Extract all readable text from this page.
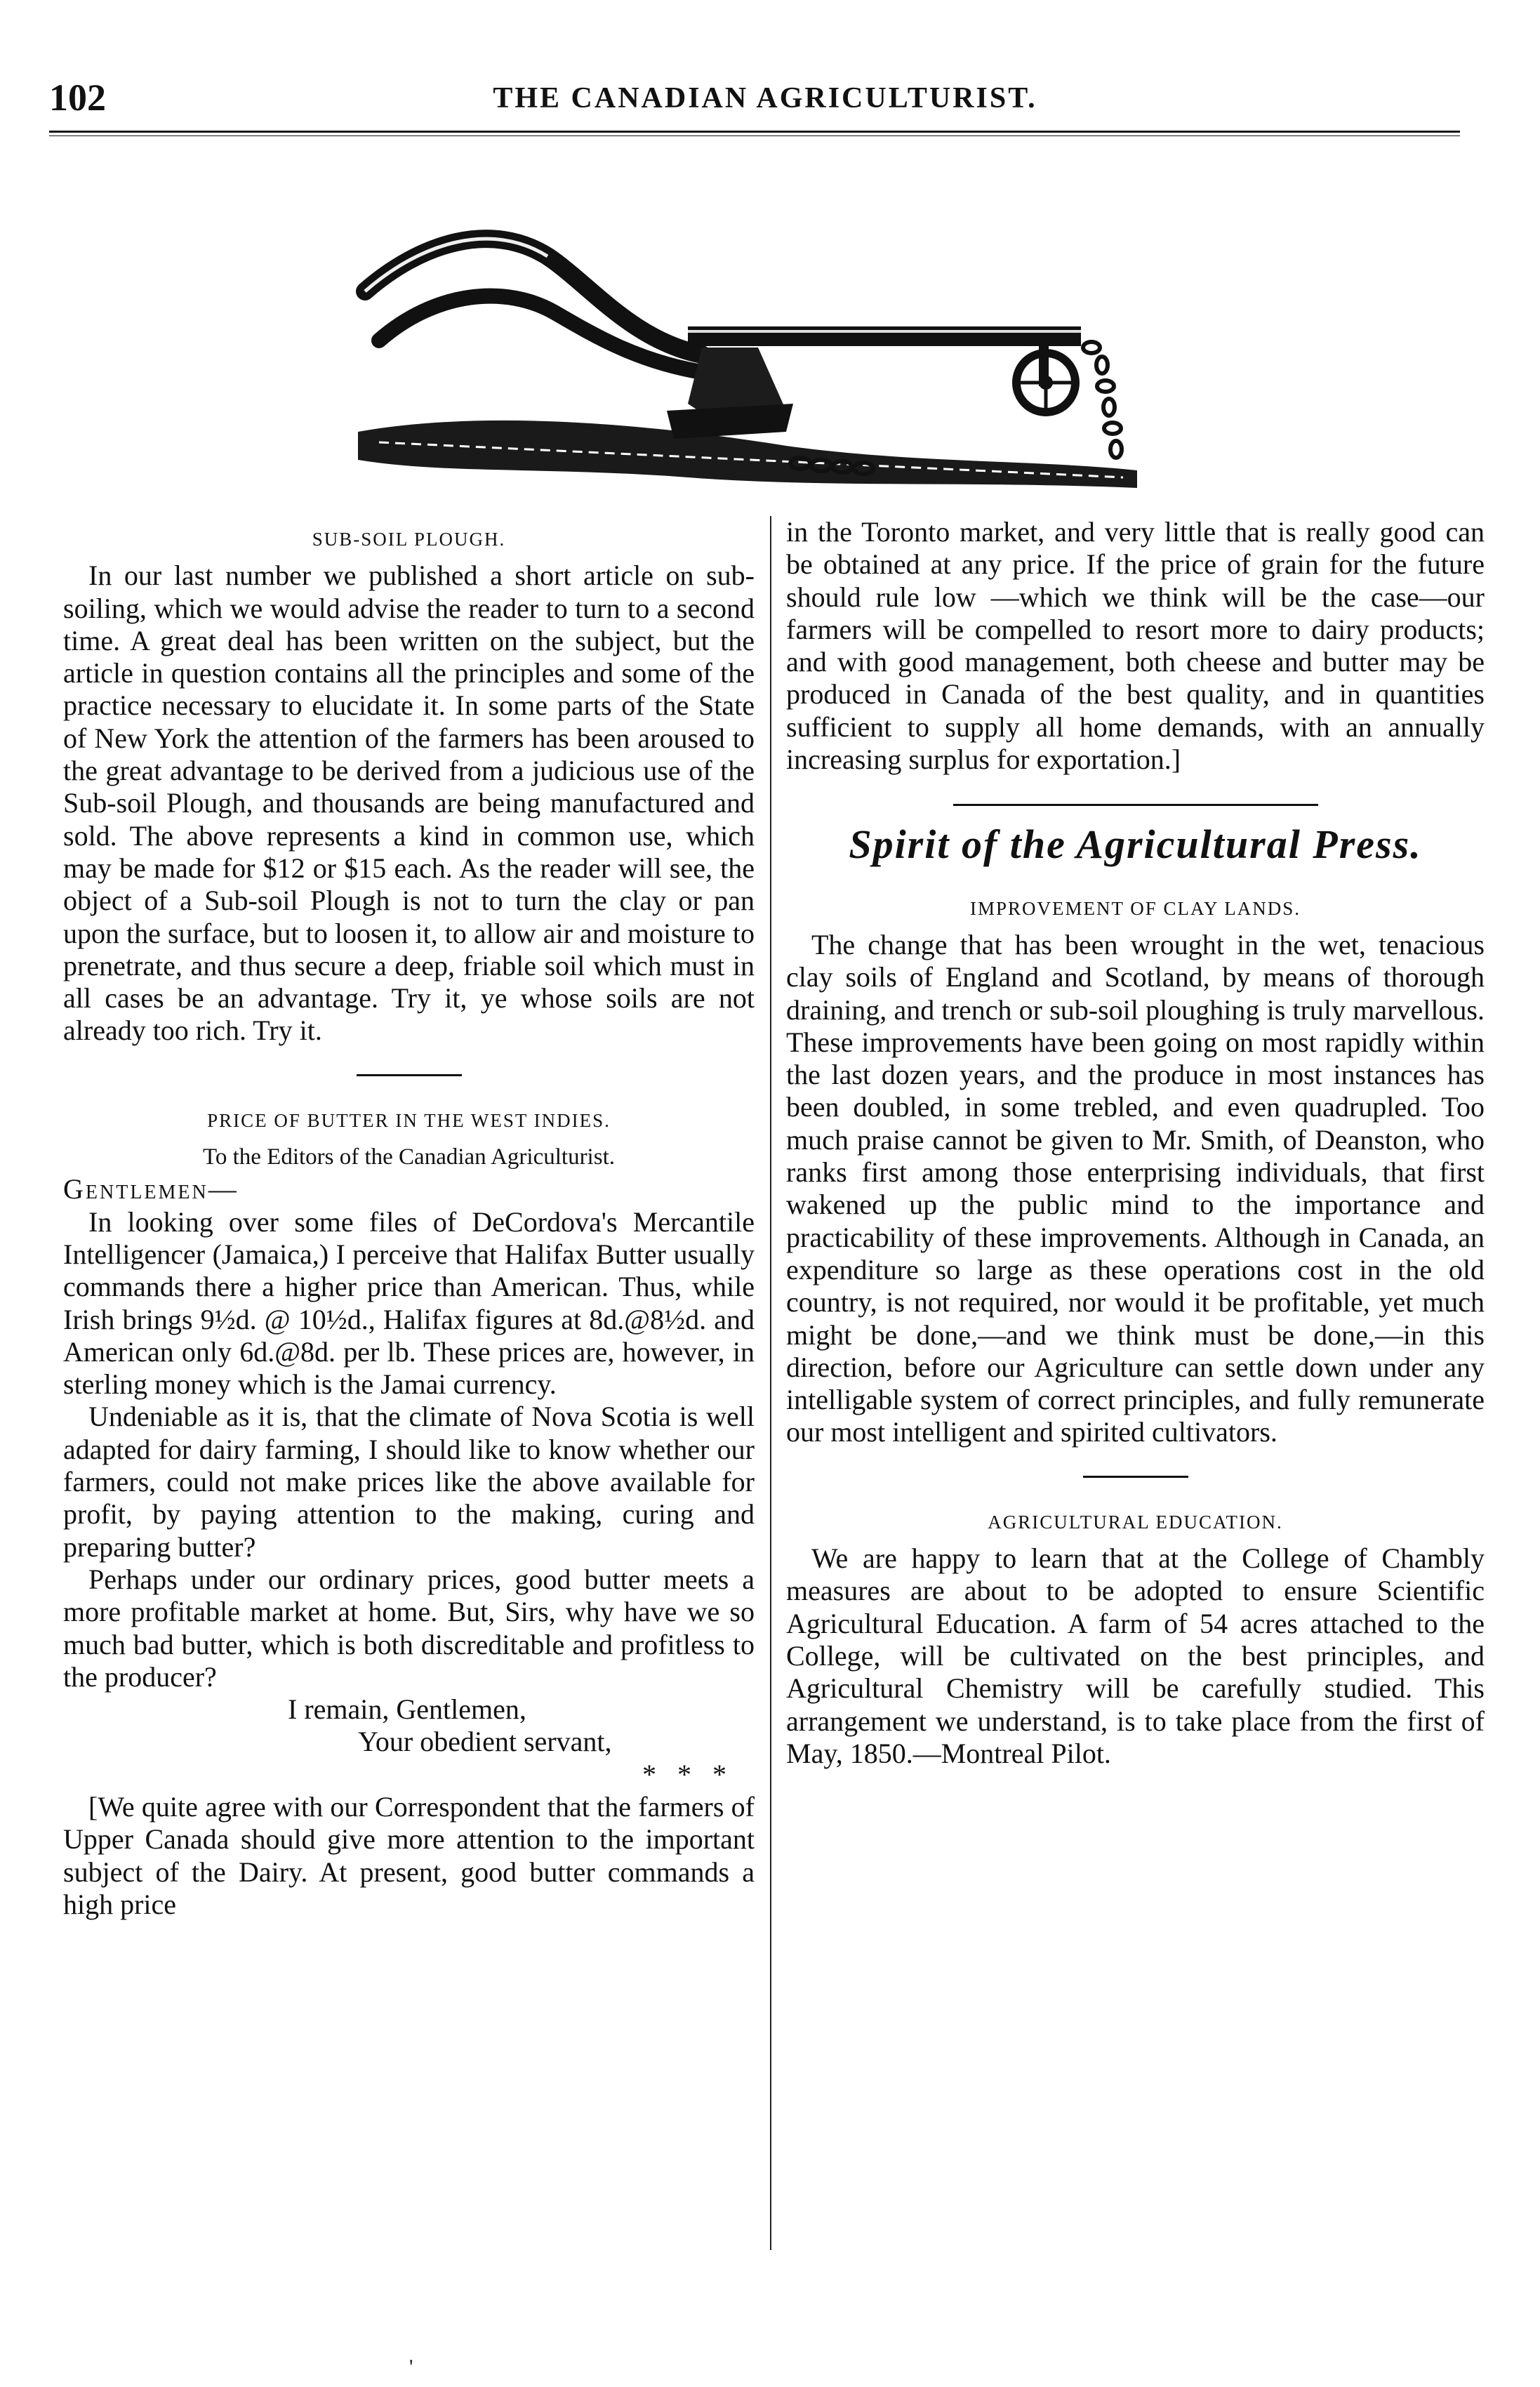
102	THE CANADIAN AGRICULTURIST.

SUB-SOIL PLOUGH.

In our last number we published a short article on sub-soiling, which we would advise the reader to turn to a second time. A great deal has been written on the subject, but the article in question contains all the principles and some of the practice necessary to elucidate it. In some parts of the State of New York the attention of the farmers has been aroused to the great advantage to be derived from a judicious use of the Sub-soil Plough, and thousands are being manufactured and sold. The above represents a kind in common use, which may be made for $12 or $15 each. As the reader will see, the object of a Sub-soil Plough is not to turn the clay or pan upon the surface, but to loosen it, to allow air and moisture to prenetrate, and thus secure a deep, friable soil which must in all cases be an advantage. Try it, ye whose soils are not already too rich. Try it.

PRICE OF BUTTER IN THE WEST INDIES.

To the Editors of the Canadian Agriculturist.

Gentlemen—

In looking over some files of DeCordova's Mercantile Intelligencer (Jamaica,) I perceive that Halifax Butter usually commands there a higher price than American. Thus, while Irish brings 9½d. @ 10½d., Halifax figures at 8d.@8½d. and American only 6d.@8d. per lb. These prices are, however, in sterling money which is the Jamai currency.

Undeniable as it is, that the climate of Nova Scotia is well adapted for dairy farming, I should like to know whether our farmers, could not make prices like the above available for profit, by paying attention to the making, curing and preparing butter?

Perhaps under our ordinary prices, good butter meets a more profitable market at home. But, Sirs, why have we so much bad butter, which is both discreditable and profitless to the producer?

I remain, Gentlemen,

Your obedient servant,

* * *

[We quite agree with our Correspondent that the farmers of Upper Canada should give more attention to the important subject of the Dairy. At present, good butter commands a high price

in the Toronto market, and very little that is really good can be obtained at any price. If the price of grain for the future should rule low —which we think will be the case—our farmers will be compelled to resort more to dairy products; and with good management, both cheese and butter may be produced in Canada of the best quality, and in quantities sufficient to supply all home demands, with an annually increasing surplus for exportation.]

Spirit of the Agricultural Press.

IMPROVEMENT OF CLAY LANDS.

The change that has been wrought in the wet, tenacious clay soils of England and Scotland, by means of thorough draining, and trench or sub-soil ploughing is truly marvellous. These improvements have been going on most rapidly within the last dozen years, and the produce in most instances has been doubled, in some trebled, and even quadrupled. Too much praise cannot be given to Mr. Smith, of Deanston, who ranks first among those enterprising individuals, that first wakened up the public mind to the importance and practicability of these improvements. Although in Canada, an expenditure so large as these operations cost in the old country, is not required, nor would it be profitable, yet much might be done,—and we think must be done,—in this direction, before our Agriculture can settle down under any intelligable system of correct principles, and fully remunerate our most intelligent and spirited cultivators.

AGRICULTURAL EDUCATION.

We are happy to learn that at the College of Chambly measures are about to be adopted to ensure Scientific Agricultural Education. A farm of 54 acres attached to the College, will be cultivated on the best principles, and Agricultural Chemistry will be carefully studied. This arrangement we understand, is to take place from the first of May, 1850.—Montreal Pilot.

'
